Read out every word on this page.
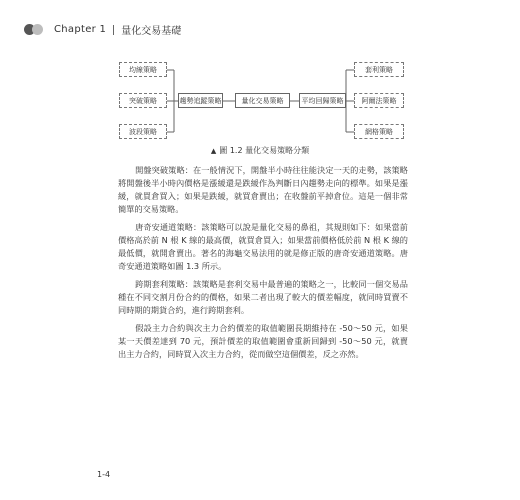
Chapter 1 量化交易基礎
均線策略
突破策略
波段策略
趨勢追蹤策略	量化交易策略	平均回歸策略
套利策略
阿爾法策略
網格策略
▲ 圖 1.2 量化交易策略分類
開盤突破策略：在一般情況下，開盤半小時往往能決定一天的走勢，該策略將開盤後半小時內價格是漲緩還是跌緩作為判斷日內趨勢走向的標準。如果是漲緩，就買倉買入；如果是跌緩，就買倉賣出；在收盤前平掉倉位。這是一個非常簡單的交易策略。
唐奇安通道策略：該策略可以說是量化交易的鼻祖，其規則如下：如果當前價格高於前 N 根 K 線的最高價，就買倉買入；如果當前價格低於前 N 根 K 線的最低價，就開倉賣出。著名的海龜交易法用的就是修正版的唐奇安通道策略。唐奇安通道策略如圖 1.3 所示。
跨期套利策略：該策略是套利交易中最普遍的策略之一，比較同一個交易品種在不同交割月份合約的價格，如果二者出現了較大的價差幅度，就同時買賣不同時期的期貨合約，進行跨期套利。
假設主力合約與次主力合約價差的取值範圍長期維持在 -50～50 元，如果某一天價差達到 70 元，預計價差的取值範圍會重新回歸到 -50～50 元，就賣出主力合約，同時買入次主力合約，從而做空這個價差，反之亦然。
1-4
